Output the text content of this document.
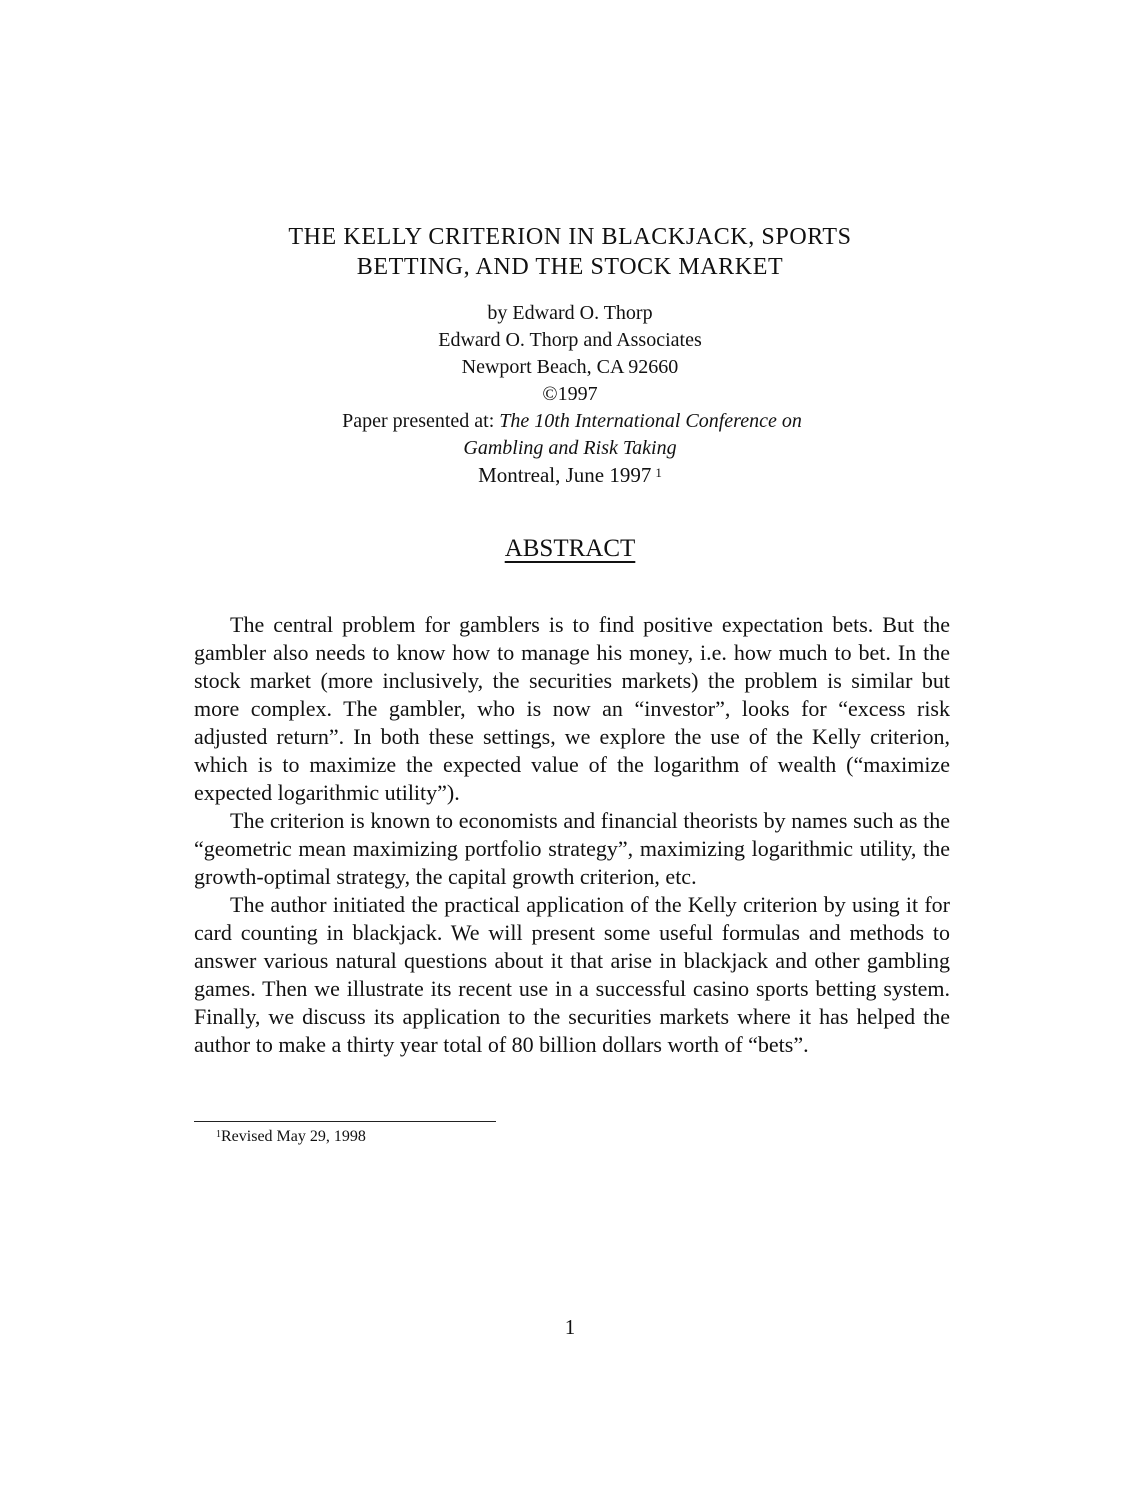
THE KELLY CRITERION IN BLACKJACK, SPORTS
BETTING, AND THE STOCK MARKET
by Edward O. Thorp
Edward O. Thorp and Associates
Newport Beach, CA 92660
©1997
Paper presented at: The 10th International Conference on
Gambling and Risk Taking
Montreal, June 1997 $^1$
ABSTRACT

The central problem for gamblers is to find positive expectation bets. But the gambler also needs to know how to manage his money, i.e. how much to bet. In the stock market (more inclusively, the securities markets) the problem is similar but more complex. The gambler, who is now an “investor”, looks for “excess risk adjusted return”. In both these settings, we explore the use of the Kelly criterion, which is to maximize the expected value of the logarithm of wealth (“maximize expected logarithmic utility”).

The criterion is known to economists and financial theorists by names such as the “geometric mean maximizing portfolio strategy”, maximizing logarithmic utility, the growth-optimal strategy, the capital growth criterion, etc.

The author initiated the practical application of the Kelly criterion by using it for card counting in blackjack. We will present some useful formulas and methods to answer various natural questions about it that arise in blackjack and other gambling games. Then we illustrate its recent use in a successful casino sports betting system. Finally, we discuss its application to the securities markets where it has helped the author to make a thirty year total of 80 billion dollars worth of “bets”.

$^1$Revised May 29, 1998
1
